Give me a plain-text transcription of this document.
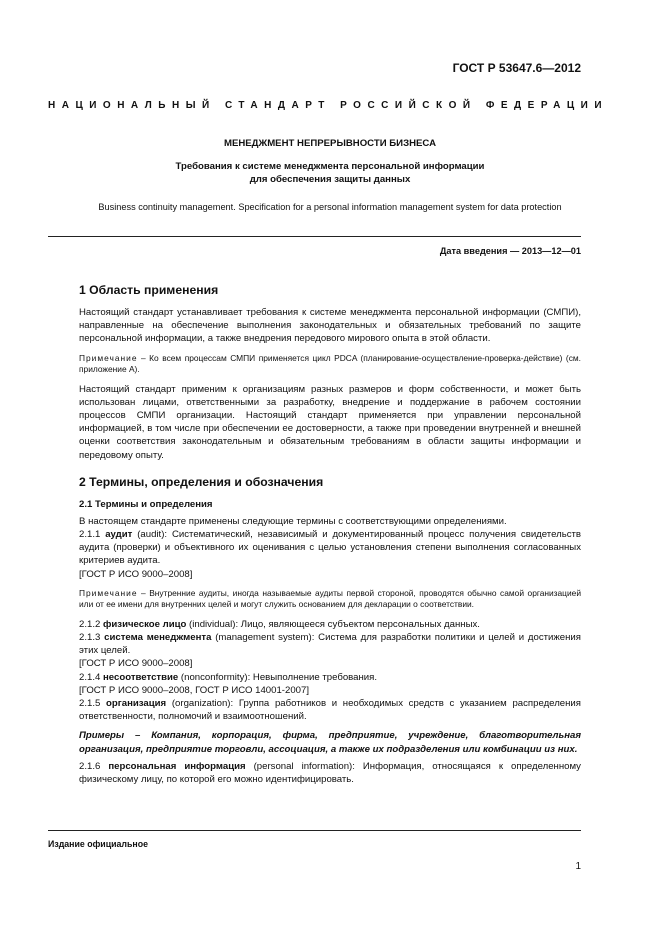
ГОСТ Р 53647.6—2012
НАЦИОНАЛЬНЫЙ СТАНДАРТ РОССИЙСКОЙ ФЕДЕРАЦИИ
МЕНЕДЖМЕНТ НЕПРЕРЫВНОСТИ БИЗНЕСА
Требования к системе менеджмента персональной информации
для обеспечения защиты данных
Business continuity management. Specification for a personal information management system for data protection
Дата введения — 2013—12—01
1 Область применения

Настоящий стандарт устанавливает требования к системе менеджмента персональной информации (СМПИ), направленные на обеспечение выполнения законодательных и обязательных требований по защите персональной информации, а также внедрения передового мирового опыта в этой области.

Примечание – Ко всем процессам СМПИ применяется цикл PDCA (планирование-осуществление-проверка-действие) (см. приложение А).

Настоящий стандарт применим к организациям разных размеров и форм собственности, и может быть использован лицами, ответственными за разработку, внедрение и поддержание в рабочем состоянии процессов СМПИ организации. Настоящий стандарт применяется при управлении персональной информацией, в том числе при обеспечении ее достоверности, а также при проведении внутренней и внешней оценки соответствия законодательным и обязательным требованиям в области защиты информации и передовому опыту.

2 Термины, определения и обозначения
2.1 Термины и определения

В настоящем стандарте применены следующие термины с соответствующими определениями.

2.1.1 аудит (audit): Систематический, независимый и документированный процесс получения свидетельств аудита (проверки) и объективного их оценивания с целью установления степени выполнения согласованных критериев аудита.

[ГОСТ Р ИСО 9000–2008]

Примечание – Внутренние аудиты, иногда называемые аудиты первой стороной, проводятся обычно самой организацией или от ее имени для внутренних целей и могут служить основанием для декларации о соответствии.

2.1.2 физическое лицо (individual): Лицо, являющееся субъектом персональных данных.

2.1.3 система менеджмента (management system): Система для разработки политики и целей и достижения этих целей.

[ГОСТ Р ИСО 9000–2008]

2.1.4 несоответствие (nonconformity): Невыполнение требования.

[ГОСТ Р ИСО 9000–2008, ГОСТ Р ИСО 14001-2007]

2.1.5 организация (organization): Группа работников и необходимых средств с указанием распределения ответственности, полномочий и взаимоотношений.

Примеры – Компания, корпорация, фирма, предприятие, учреждение, благотворительная организация, предприятие торговли, ассоциация, а также их подразделения или комбинации из них.

2.1.6 персональная информация (personal information): Информация, относящаяся к определенному физическому лицу, по которой его можно идентифицировать.

Издание официальное
1
